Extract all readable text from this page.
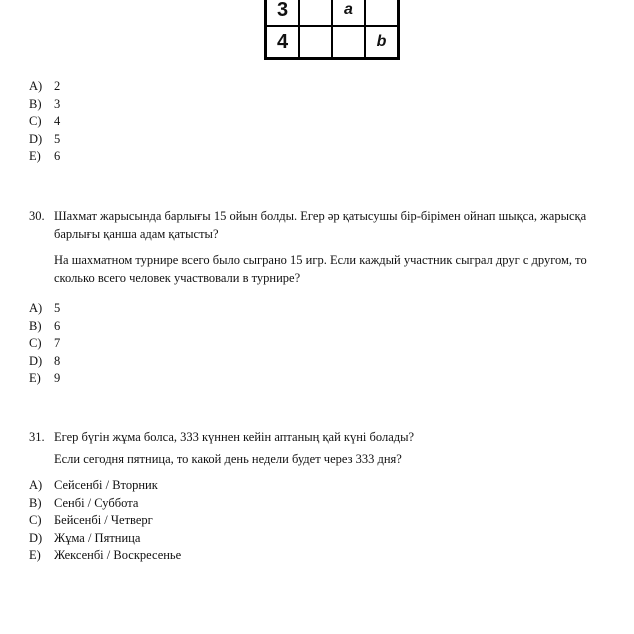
3		a	
4			b
A) 2
B)	3
C)	4
D) 5
E)	6
30. Шахмат жарысында барлығы 15 ойын болды. Егер әр қатысушы бір-бірімен ойнап шықса, жарысқа барлығы қанша адам қатысты?

На шахматном турнире всего было сыграно 15 игр. Если каждый участник сыграл друг с другом, то сколько всего человек участвовали в турнире?

A) 5
B)	6
C)	7
D) 8
E)	9
31. Егер бүгін жұма болса, 333 күннен кейін аптаның қай күні болады?

Если сегодня пятница, то какой день недели будет через 333 дня?

A) Сейсенбі / Вторник
B)	Сенбі / Суббота
C)	Бейсенбі / Четверг
D) Жұма / Пятница
E)	Жексенбі / Воскресенье
